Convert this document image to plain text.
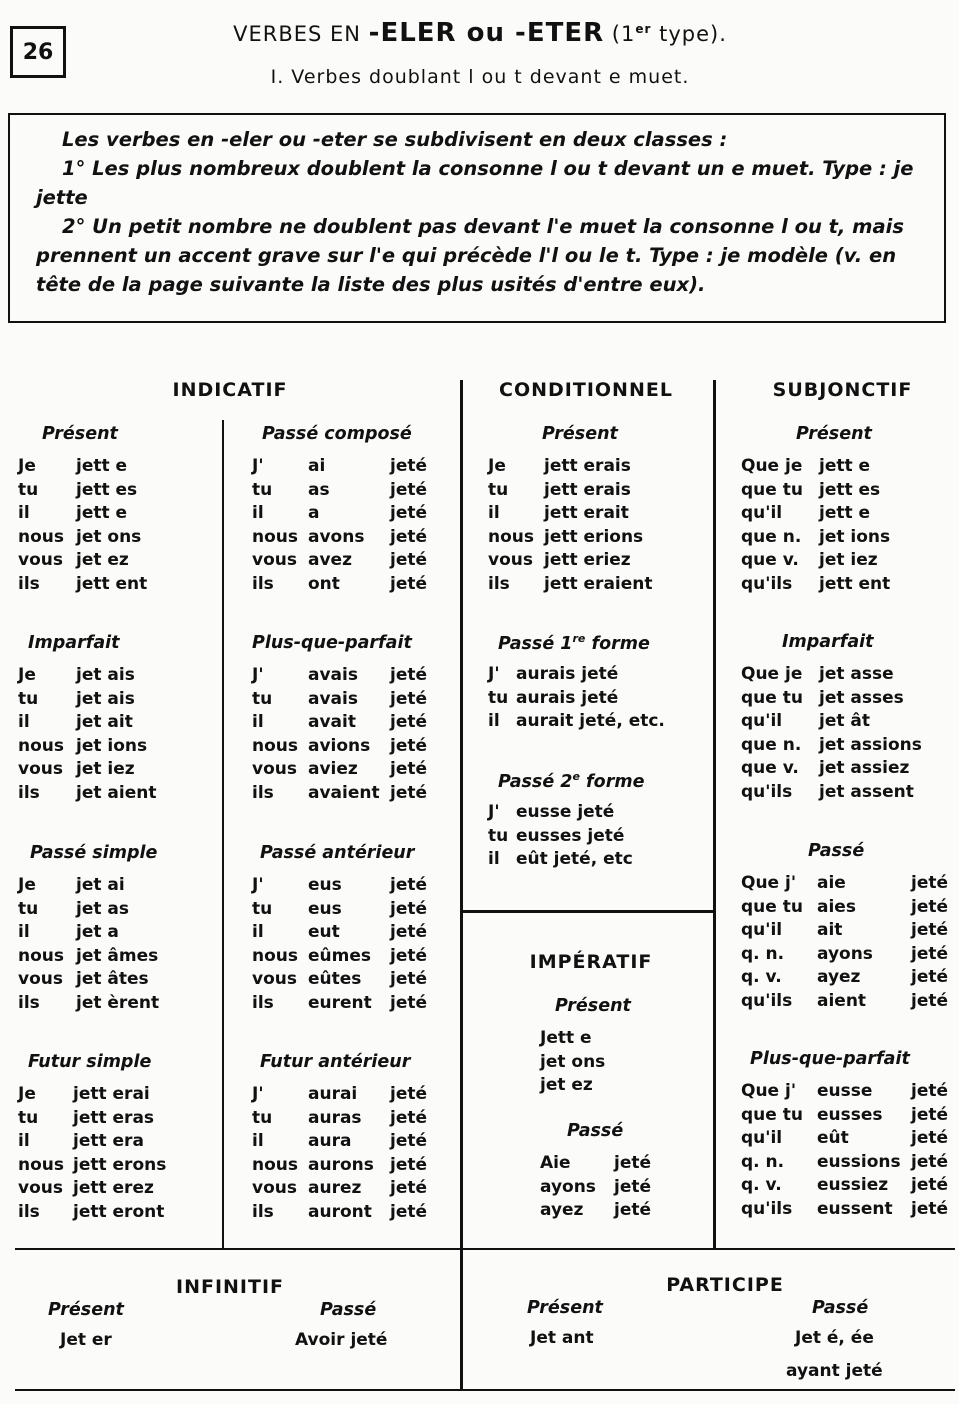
26
VERBES EN -ELER ou -ETER (1er type).
I. Verbes doublant l ou t devant e muet.

Les verbes en -eler ou -eter se subdivisent en deux classes :

1° Les plus nombreux doublent la consonne l ou t devant un e muet. Type : je jette

2° Un petit nombre ne doublent pas devant l'e muet la consonne l ou t, mais prennent un accent grave sur l'e qui précède l'l ou le t. Type : je modèle (v. en tête de la page suivante la liste des plus usités d'entre eux).

INDICATIF	CONDITIONNEL	SUBJONCTIF
IMPÉRATIF
INFINITIF	PARTICIPE
Présent
Jet er
Passé
Avoir jeté
Présent
Jet ant
Passé
Jet é, ée
ayant jeté
Présent
Je jett e
tu jett es
il	jett e
nous jet ons
vous jet ez
ils jett ent
Passé composé
J'	ai	jeté
tu as	jeté
il	a	jeté
nous avons jeté
vous avez jeté
ils ont	jeté
Imparfait
Je jet ais
tu jet ais
il	jet ait
nous jet ions
vous jet iez
ils jet aient
Plus-que-parfait
J'	avais jeté
tu avais jeté
il	avait jeté
nous avions jeté
vous aviez jeté
ils avaient jeté
Passé simple
Je jet ai
tu jet as
il	jet a
nous jet âmes
vous jet âtes
ils jet èrent
Passé antérieur
J'	eus	jeté
tu eus	jeté
il	eut	jeté
nous eûmes jeté
vous eûtes jeté
ils eurent jeté
Futur simple
Je jett erai
tu jett eras
il	jett era
nous jett erons
vous jett erez
ils jett eront
Futur antérieur
J'	aurai jeté
tu auras jeté
il	aura jeté
nous aurons jeté
vous aurez jeté
ils auront jeté
Présent
Je jett erais
tu jett erais
il	jett erait
nous jett erions
vous jett eriez
ils jett eraient
Passé 1re forme
J' aurais jeté
tu aurais jeté
il aurait jeté, etc.
Passé 2e forme
J' eusse jeté
tu eusses jeté
il eût jeté, etc
Présent
Que je jett e
que tu jett es
qu'il jett e
que n. jet ions
que v. jet iez
qu'ils jett ent
Imparfait
Que je jet asse
que tu jet asses
qu'il jet ât
que n. jet assions
que v. jet assiez
qu'ils jet assent
Passé
Que j' aie	jeté
que tu aies	jeté
qu'il ait	jeté
q. n. ayons jeté
q. v. ayez	jeté
qu'ils aient	jeté
Plus-que-parfait
Que j' eusse jeté
que tu eusses jeté
qu'il eût	jeté
q. n. eussions jeté
q. v. eussiez jeté
qu'ils eussent jeté
Présent
Jett e
jet ons
jet ez
Passé
Aie	jeté
ayons jeté
ayez jeté
